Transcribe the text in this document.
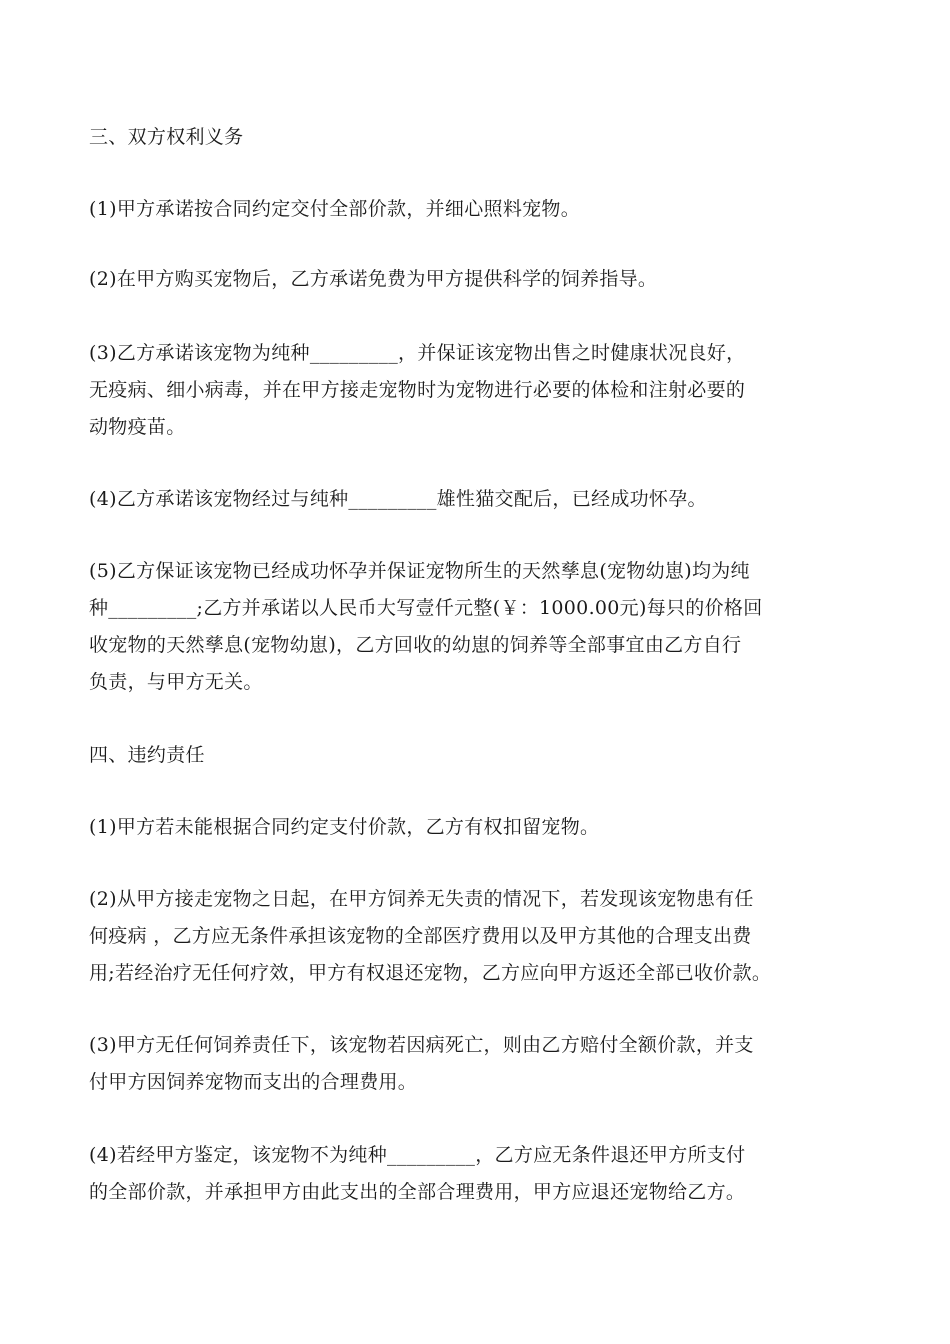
三、双方权利义务

(1)甲方承诺按合同约定交付全部价款，并细心照料宠物。

(2)在甲方购买宠物后，乙方承诺免费为甲方提供科学的饲养指导。

(3)乙方承诺该宠物为纯种_________，并保证该宠物出售之时健康状况良好，

无疫病、细小病毒，并在甲方接走宠物时为宠物进行必要的体检和注射必要的

动物疫苗。

(4)乙方承诺该宠物经过与纯种_________雄性猫交配后，已经成功怀孕。

(5)乙方保证该宠物已经成功怀孕并保证宠物所生的天然孳息(宠物幼崽)均为纯

种_________;乙方并承诺以人民币大写壹仟元整(￥：1000.00元)每只的价格回

收宠物的天然孳息(宠物幼崽)，乙方回收的幼崽的饲养等全部事宜由乙方自行

负责，与甲方无关。

四、违约责任

(1)甲方若未能根据合同约定支付价款，乙方有权扣留宠物。

(2)从甲方接走宠物之日起，在甲方饲养无失责的情况下，若发现该宠物患有任

何疫病 ，乙方应无条件承担该宠物的全部医疗费用以及甲方其他的合理支出费

用;若经治疗无任何疗效，甲方有权退还宠物，乙方应向甲方返还全部已收价款。

(3)甲方无任何饲养责任下，该宠物若因病死亡，则由乙方赔付全额价款，并支

付甲方因饲养宠物而支出的合理费用。

(4)若经甲方鉴定，该宠物不为纯种_________，乙方应无条件退还甲方所支付

的全部价款，并承担甲方由此支出的全部合理费用，甲方应退还宠物给乙方。
